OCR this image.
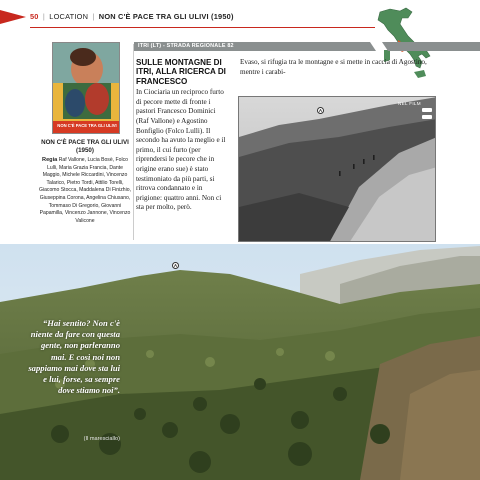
50 | LOCATION | NON C'È PACE TRA GLI ULIVI (1950)
ITRI (LT) - STRADA REGIONALE 82
NON C'È PACE TRA GLI ULIVI
NON C'È PACE TRA GLI ULIVI (1950)
Regia Raf Vallone, Lucia Bosè, Folco Lulli, Maria Grazia Francia, Dante Maggio, Michele Riccardini, Vincenzo Talarico, Pietro Tordi, Attilio Torelli, Giacomo Stocca, Maddalena Di Finizhio, Giuseppina Corona, Angelina Chiusano, Tommaso Di Gregorio, Giovanni Papamilla, Vincenzo Jannone, Vincenzo Valicone
SULLE MONTAGNE DI ITRI, ALLA RICERCA DI FRANCESCO
In Ciociaria un reciproco furto di pecore mette di fronte i pastori Francesco Dominici (Raf Vallone) e Agostino Bonfiglio (Folco Lulli). Il secondo ha avuto la meglio e il primo, il cui furto (per riprendersi le pecore che in origine erano sue) è stato testimoniato da più parti, si ritrova condannato e in prigione: quattro anni. Non ci sta per molto, però.
Evaso, si rifugia tra le montagne e si mette in caccia di Agostino, mentre i carabi-
A
NEL FILM
A
“Hai sentito? Non c'è niente da fare con questa gente, non parleranno mai. E così noi non sappiamo mai dove sta lui e lui, forse, sa sempre dove stiamo noi”.
(Il maresciallo)
